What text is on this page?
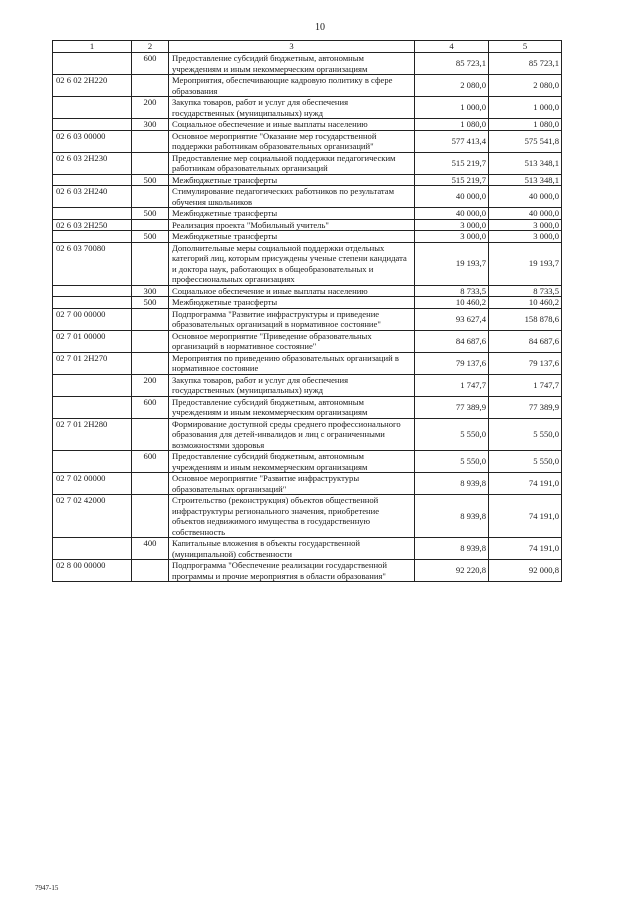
10
1	2	3	4	5
	600	Предоставление субсидий бюджетным, автономным учреждениям и иным некоммерческим организациям	85 723,1	85 723,1
02 6 02 2Н220		Мероприятия, обеспечивающие кадровую политику в сфере образования	2 080,0	2 080,0
	200	Закупка товаров, работ и услуг для обеспечения государственных (муниципальных) нужд	1 000,0	1 000,0
	300	Социальное обеспечение и иные выплаты населению	1 080,0	1 080,0
02 6 03 00000		Основное мероприятие "Оказание мер государственной поддержки работникам образовательных организаций"	577 413,4	575 541,8
02 6 03 2Н230		Предоставление мер социальной поддержки педагогическим работникам образовательных организаций	515 219,7	513 348,1
	500	Межбюджетные трансферты	515 219,7	513 348,1
02 6 03 2Н240		Стимулирование педагогических работников по результатам обучения школьников	40 000,0	40 000,0
	500	Межбюджетные трансферты	40 000,0	40 000,0
02 6 03 2Н250		Реализация проекта "Мобильный учитель"	3 000,0	3 000,0
	500	Межбюджетные трансферты	3 000,0	3 000,0
02 6 03 70080		Дополнительные меры социальной поддержки отдельных категорий лиц, которым присуждены ученые степени кандидата и доктора наук, работающих в общеобразовательных и профессиональных организациях	19 193,7	19 193,7
	300	Социальное обеспечение и иные выплаты населению	8 733,5	8 733,5
	500	Межбюджетные трансферты	10 460,2	10 460,2
02 7 00 00000		Подпрограмма "Развитие инфраструктуры и приведение образовательных организаций в нормативное состояние"	93 627,4	158 878,6
02 7 01 00000		Основное мероприятие "Приведение образовательных организаций в нормативное состояние"	84 687,6	84 687,6
02 7 01 2Н270		Мероприятия по приведению образовательных организаций в нормативное состояние	79 137,6	79 137,6
	200	Закупка товаров, работ и услуг для обеспечения государственных (муниципальных) нужд	1 747,7	1 747,7
	600	Предоставление субсидий бюджетным, автономным учреждениям и иным некоммерческим организациям	77 389,9	77 389,9
02 7 01 2Н280		Формирование доступной среды среднего профессионального образования для детей-инвалидов и лиц с ограниченными возможностями здоровья	5 550,0	5 550,0
	600	Предоставление субсидий бюджетным, автономным учреждениям и иным некоммерческим организациям	5 550,0	5 550,0
02 7 02 00000		Основное мероприятие "Развитие инфраструктуры образовательных организаций"	8 939,8	74 191,0
02 7 02 42000		Строительство (реконструкция) объектов общественной инфраструктуры регионального значения, приобретение объектов недвижимого имущества в государственную собственность	8 939,8	74 191,0
	400	Капитальные вложения в объекты государственной (муниципальной) собственности	8 939,8	74 191,0
02 8 00 00000		Подпрограмма "Обеспечение реализации государственной программы и прочие мероприятия в области образования"	92 220,8	92 000,8
7947-15
